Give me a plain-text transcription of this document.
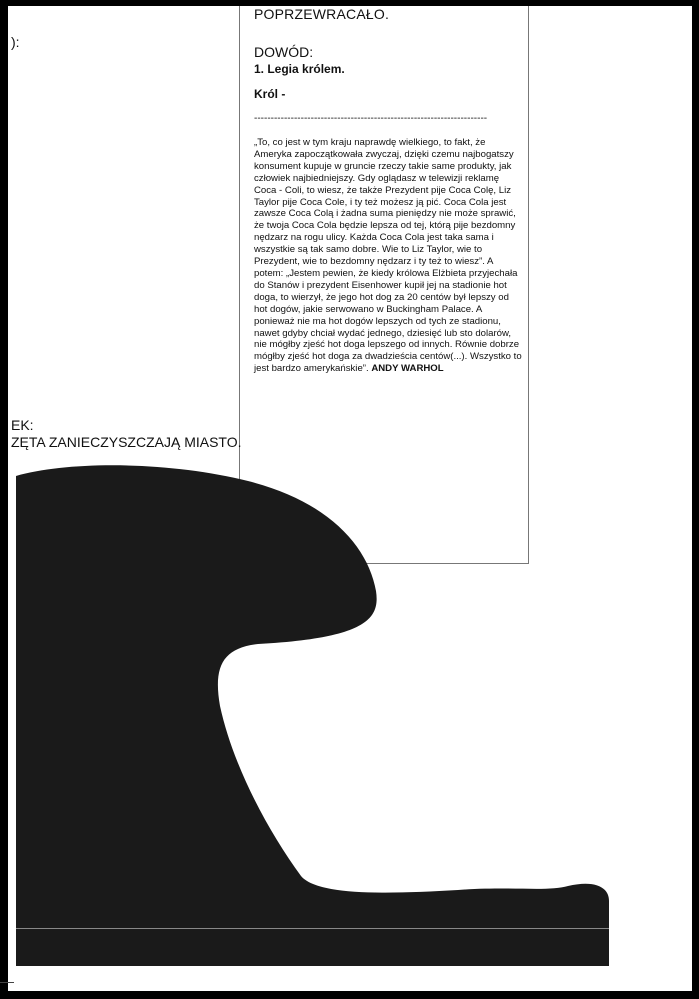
):
POPRZEWRACAŁO.
DOWÓD:
1. Legia królem.
Król -
----------------------------------------------------------------------

„To, co jest w tym kraju naprawdę wielkiego, to fakt, że Ameryka zapoczątkowała zwyczaj, dzięki czemu najbogatszy konsument kupuje w gruncie rzeczy takie same produkty, jak człowiek najbiedniejszy. Gdy oglądasz w telewizji reklamę Coca - Coli, to wiesz, że także Prezydent pije Coca Colę, Liz Taylor pije Coca Cole, i ty też możesz ją pić. Coca Cola jest zawsze Coca Colą i żadna suma pieniędzy nie może sprawić, że twoja Coca Cola będzie lepsza od tej, którą pije bezdomny nędzarz na rogu ulicy. Każda Coca Cola jest taka sama i wszystkie są tak samo dobre. Wie to Liz Taylor, wie to Prezydent, wie to bezdomny nędzarz i ty też to wiesz”. A potem: „Jestem pewien, że kiedy królowa Elżbieta przyjechała do Stanów i prezydent Eisenhower kupił jej na stadionie hot doga, to wierzył, że jego hot dog za 20 centów był lepszy od hot dogów, jakie serwowano w Buckingham Palace. A ponieważ nie ma hot dogów lepszych od tych ze stadionu, nawet gdyby chciał wydać jednego, dziesięć lub sto dolarów, nie mógłby zjeść hot doga lepszego od innych. Równie dobrze mógłby zjeść hot doga za dwadzieścia centów(...). Wszystko to jest bardzo amerykańskie”. ANDY WARHOL

EK:
ZĘTA ZANIECZYSZCZAJĄ MIASTO.
